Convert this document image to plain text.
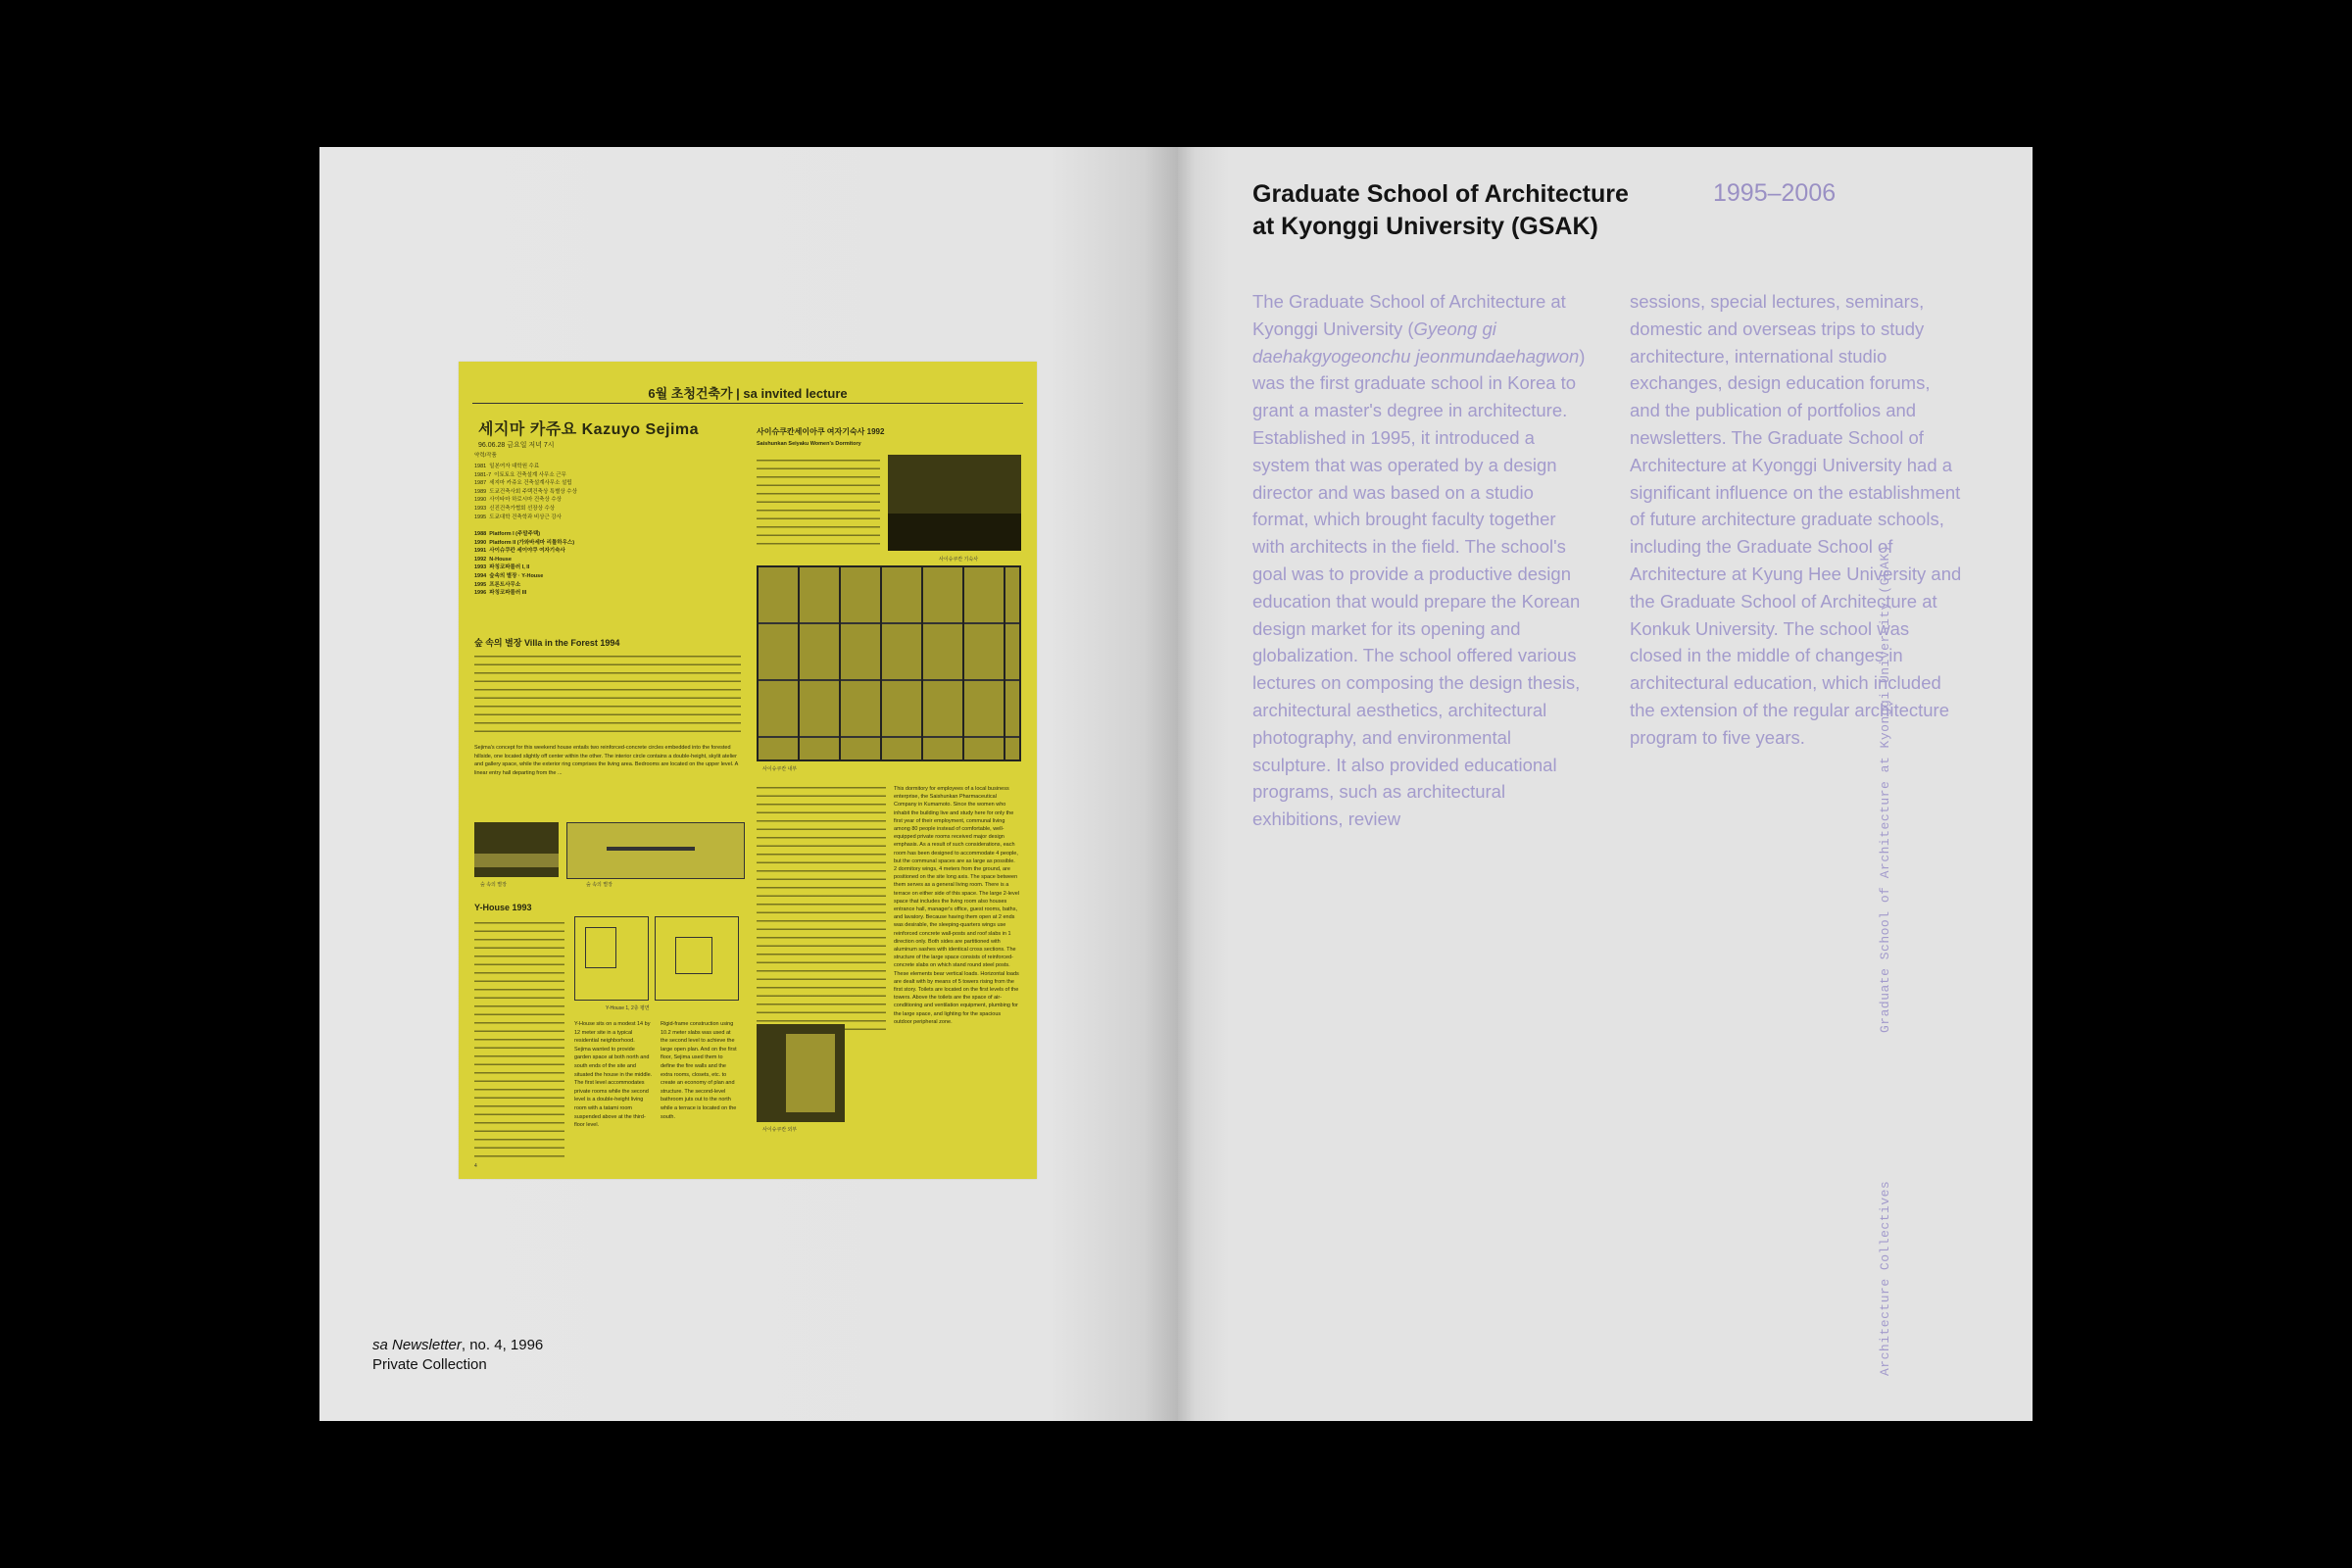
6월 초청건축가 | sa invited lecture
세지마 카쥬요 Kazuyo Sejima
96.06.28 금요일 저녁 7시
약력/작품
1981  일본여자 대학원 수료
1981-7  이토토요 건축설계 사무소 근무
1987  세지마 카쥬요 건축설계사무소 설립
1989  도쿄건축사회 주택건축상 특별상 수상
1990  사이타마 하로시마 건축상 수상
1993  신진건축가협회 선장상 수상
1995  도쿄대학 건축학과 비상근 강사
1988  Platform I (주말주택)
1990  Platform II (가와바세마 리틀하우스)
1991  사이슈쿠칸 세이야쿠 여자기숙사
1992  N-House
1993  파칭코파를러 I, II
1994  숲속의 별장 · Y-House
1995  프론트사무소
1996  파칭코파를러 III
숲 속의 별장 Villa in the Forest 1994
Sejima's concept for this weekend house entails two reinforced-concrete circles embedded into the forested hillside, one located slightly off center within the other. The interior circle contains a double-height, skylit atelier and gallery space, while the exterior ring comprises the living area. Bedrooms are located on the upper level. A linear entry hall departing from the ...
숲 속의 별장	숲 속의 별장
Y-House 1993
Y-House 1, 2층 평면
Y-House sits on a modest 14 by 12 meter site in a typical residential neighborhood. Sejima wanted to provide garden space at both north and south ends of the site and situated the house in the middle. The first level accommodates private rooms while the second level is a double-height living room with a tatami room suspended above at the third-floor level.
Rigid-frame construction using 10.2 meter slabs was used at the second level to achieve the large open plan. And on the first floor, Sejima used them to define the fire walls and the extra rooms, closets, etc. to create an economy of plan and structure. The second-level bathroom juts out to the north while a terrace is located on the south.
사이슈쿠칸세이아쿠 여자기숙사 1992
Saishunkan Seiyaku Women's Dormitory
사이슈쿠칸 기숙사
사이슈쿠칸 내부
This dormitory for employees of a local business enterprise, the Saishunkan Pharmaceutical Company in Kumamoto. Since the women who inhabit the building live and study here for only the first year of their employment, communal living among 80 people instead of comfortable, well-equipped private rooms received major design emphasis. As a result of such considerations, each room has been designed to accommodate 4 people, but the communal spaces are as large as possible. 2 dormitory wings, 4 meters from the ground, are positioned on the site long axis. The space between them serves as a general living room. There is a terrace on either side of this space. The large 2-level space that includes the living room also houses entrance hall, manager's office, guest rooms, baths, and lavatory. Because having them open at 2 ends was desirable, the sleeping-quarters wings use reinforced concrete wall-posts and roof slabs in 1 direction only. Both sides are partitioned with aluminum sashes with identical cross sections. The structure of the large space consists of reinforced-concrete slabs on which stand round steel posts. These elements bear vertical loads. Horizontal loads are dealt with by means of 5 towers rising from the first story. Toilets are located on the first levels of the towers. Above the toilets are the space of air-conditioning and ventilation equipment, plumbing for the large space, and lighting for the spacious outdoor peripheral zone.
사이슈쿠칸 외부
4
sa Newsletter, no. 4, 1996
Private Collection
Graduate School of Architecture
at Kyonggi University (GSAK)
1995–2006
The Graduate School of Architecture at Kyonggi University (Gyeong gi daehakgyogeonchu jeonmundaehagwon) was the first graduate school in Korea to grant a master's degree in architecture. Established in 1995, it introduced a system that was operated by a design director and was based on a studio format, which brought faculty together with architects in the field. The school's goal was to provide a productive design education that would prepare the Korean design market for its opening and globalization. The school offered various lectures on composing the design thesis, architectural aesthetics, architectural photography, and environmental sculpture. It also provided educational programs, such as architectural exhibitions, review
sessions, special lectures, seminars, domestic and overseas trips to study architecture, international studio exchanges, design education forums, and the publication of portfolios and newsletters. The Graduate School of Architecture at Kyonggi University had a significant influence on the establishment of future architecture graduate schools, including the Graduate School of Architecture at Kyung Hee University and the Graduate School of Architecture at Konkuk University. The school was closed in the middle of changes in architectural education, which included the extension of the regular architecture program to five years.	Graduate School of Architecture at Kyonggi University (GSAK)
Architecture Collectives
